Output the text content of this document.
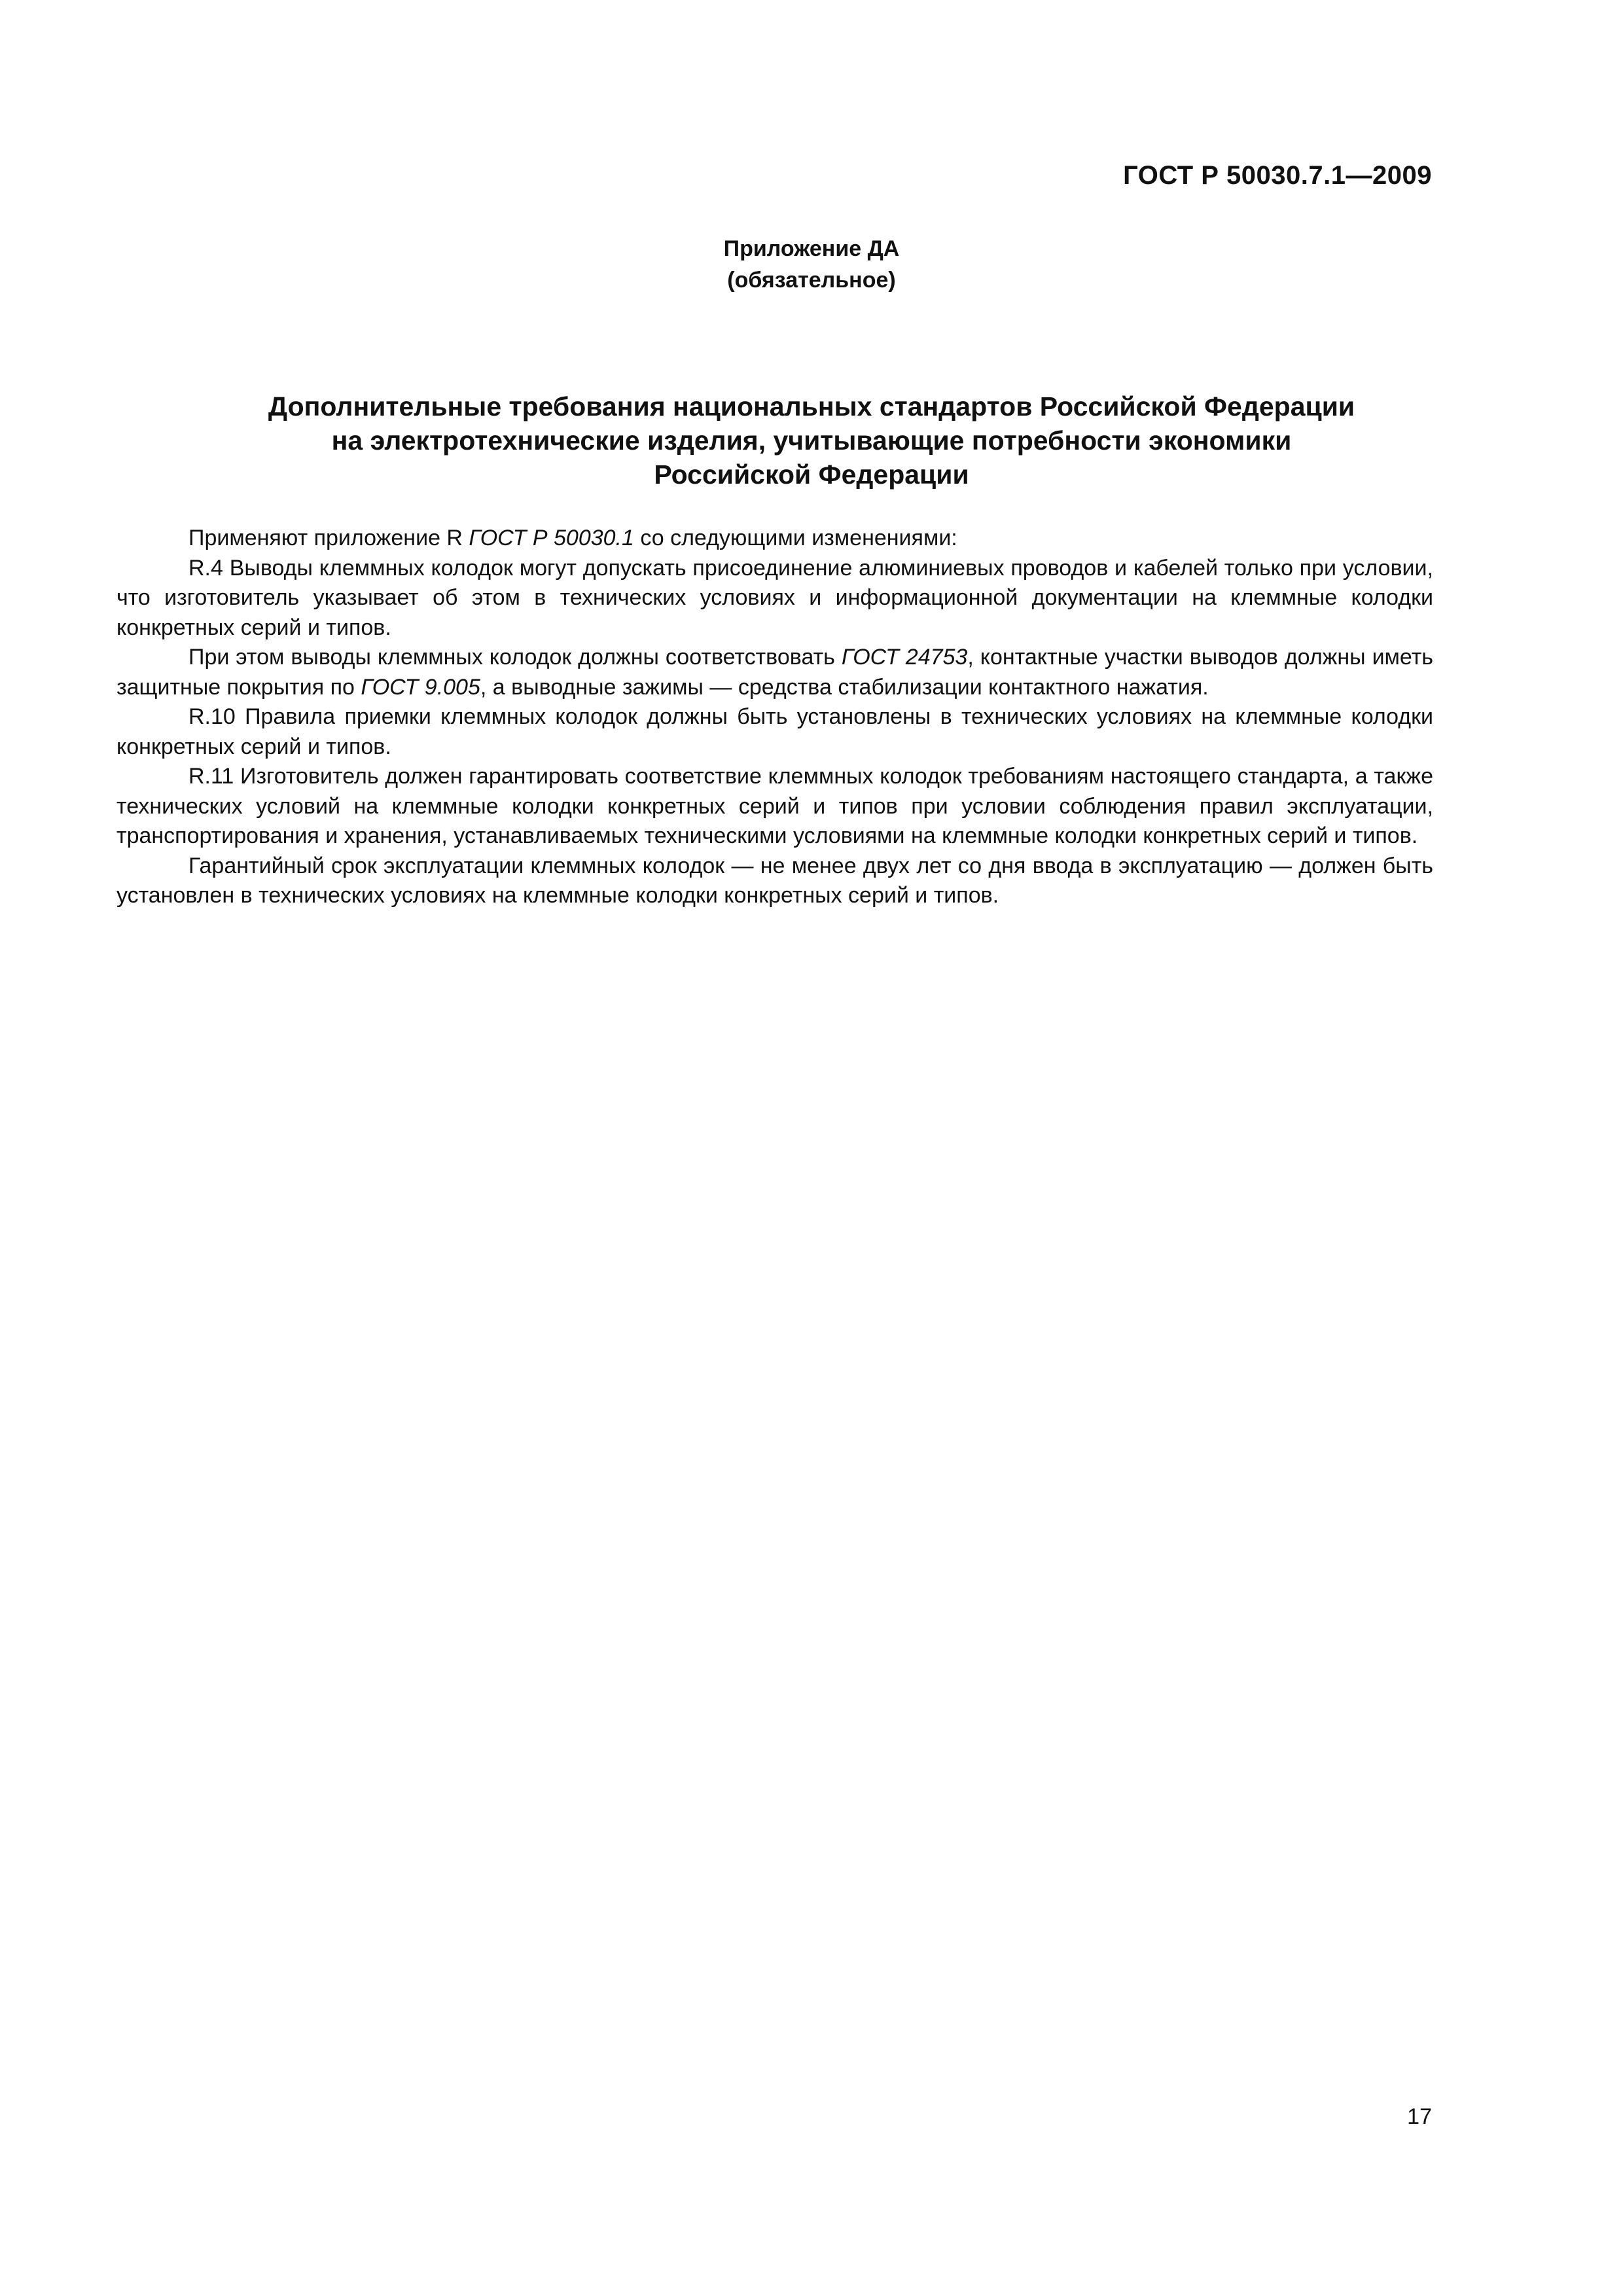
ГОСТ Р 50030.7.1—2009
Приложение ДА
(обязательное)
Дополнительные требования национальных стандартов Российской Федерации
на электротехнические изделия, учитывающие потребности экономики
Российской Федерации

Применяют приложение R ГОСТ Р 50030.1 со следующими изменениями:

R.4 Выводы клеммных колодок могут допускать присоединение алюминиевых проводов и кабелей только при условии, что изготовитель указывает об этом в технических условиях и информационной документации на клеммные колодки конкретных серий и типов.

При этом выводы клеммных колодок должны соответствовать ГОСТ 24753, контактные участки выводов должны иметь защитные покрытия по ГОСТ 9.005, а выводные зажимы — средства стабилизации контактного нажатия.

R.10 Правила приемки клеммных колодок должны быть установлены в технических условиях на клеммные колодки конкретных серий и типов.

R.11 Изготовитель должен гарантировать соответствие клеммных колодок требованиям настоящего стандарта, а также технических условий на клеммные колодки конкретных серий и типов при условии соблюдения правил эксплуатации, транспортирования и хранения, устанавливаемых техническими условиями на клеммные колодки конкретных серий и типов.

Гарантийный срок эксплуатации клеммных колодок — не менее двух лет со дня ввода в эксплуатацию — должен быть установлен в технических условиях на клеммные колодки конкретных серий и типов.

17
